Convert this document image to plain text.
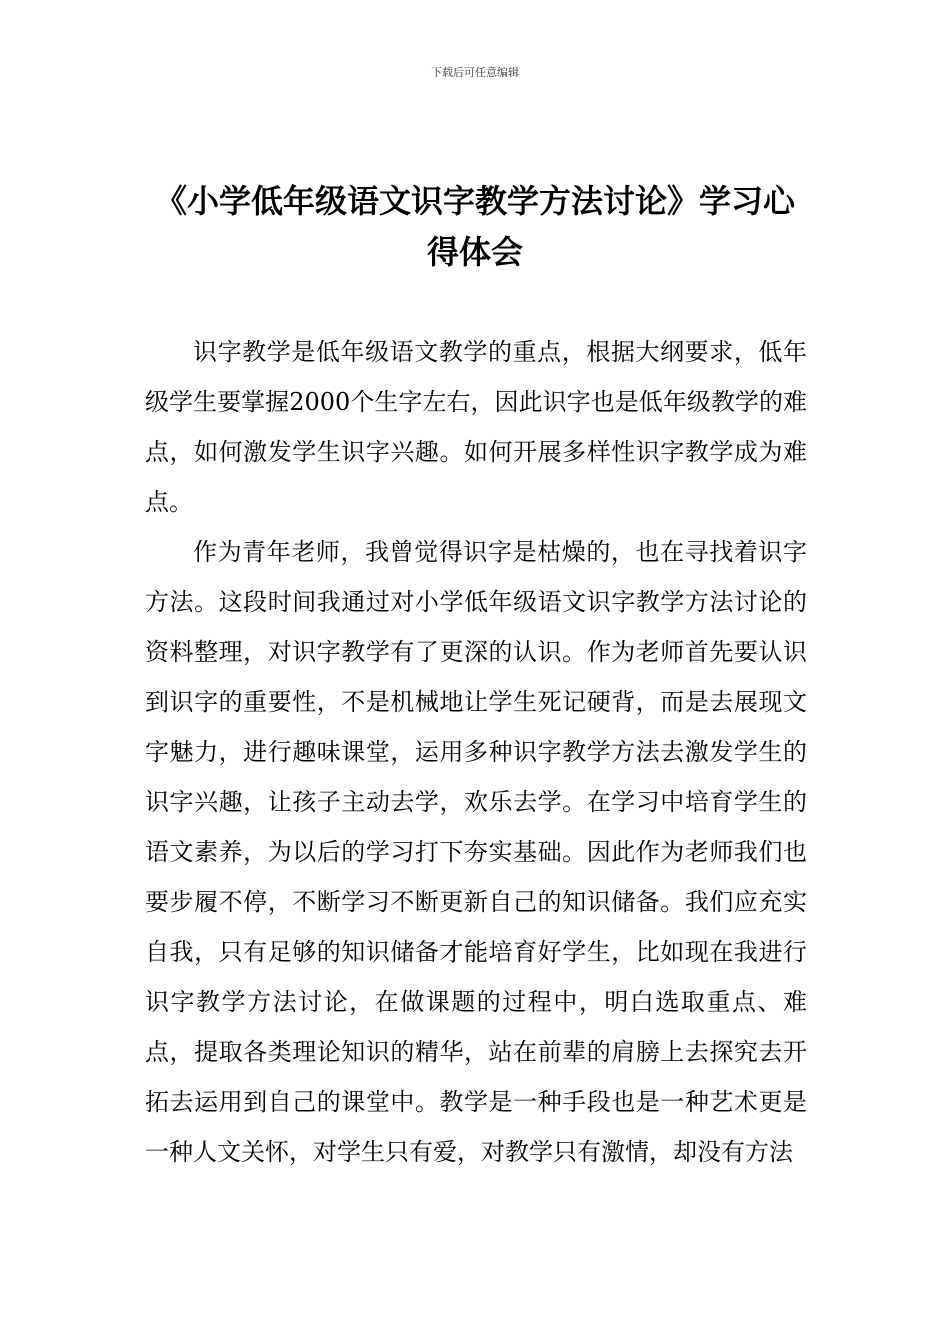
下载后可任意编辑
《小学低年级语文识字教学方法讨论》学习心得体会

识字教学是低年级语文教学的重点，根据大纲要求，低年级学生要掌握2000个生字左右，因此识字也是低年级教学的难点，如何激发学生识字兴趣。如何开展多样性识字教学成为难点。

作为青年老师，我曾觉得识字是枯燥的，也在寻找着识字方法。这段时间我通过对小学低年级语文识字教学方法讨论的资料整理，对识字教学有了更深的认识。作为老师首先要认识到识字的重要性，不是机械地让学生死记硬背，而是去展现文字魅力，进行趣味课堂，运用多种识字教学方法去激发学生的识字兴趣，让孩子主动去学，欢乐去学。在学习中培育学生的语文素养，为以后的学习打下夯实基础。因此作为老师我们也要步履不停，不断学习不断更新自己的知识储备。我们应充实自我，只有足够的知识储备才能培育好学生，比如现在我进行识字教学方法讨论，在做课题的过程中，明白选取重点、难点，提取各类理论知识的精华，站在前辈的肩膀上去探究去开拓去运用到自己的课堂中。教学是一种手段也是一种艺术更是一种人文关怀，对学生只有爱，对教学只有激情，却没有方法
